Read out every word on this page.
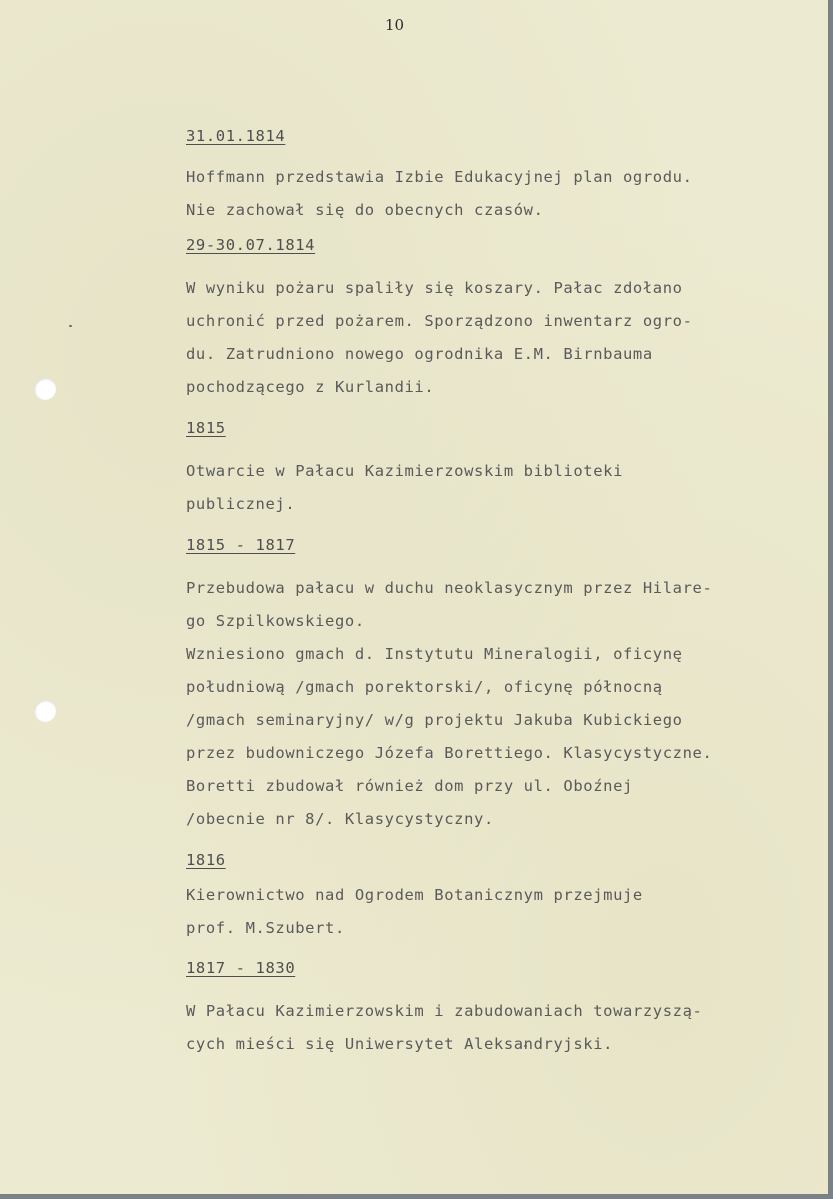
10

31.01.1814

Hoffmann przedstawia Izbie Edukacyjnej plan ogrodu.

Nie zachował się do obecnych czasów.

29-30.07.1814

W wyniku pożaru spaliły się koszary. Pałac zdołano

uchronić przed pożarem. Sporządzono inwentarz ogro-

du. Zatrudniono nowego ogrodnika E.M. Birnbauma

pochodzącego z Kurlandii.

1815

Otwarcie w Pałacu Kazimierzowskim biblioteki

publicznej.

1815 - 1817

Przebudowa pałacu w duchu neoklasycznym przez Hilare-

go Szpilkowskiego.

Wzniesiono gmach d. Instytutu Mineralogii, oficynę

południową /gmach porektorski/, oficynę północną

/gmach seminaryjny/ w/g projektu Jakuba Kubickiego

przez budowniczego Józefa Borettiego. Klasycystyczne.

Boretti zbudował również dom przy ul. Oboźnej

/obecnie nr 8/. Klasycystyczny.

1816

Kierownictwo nad Ogrodem Botanicznym przejmuje

prof. M.Szubert.

1817 - 1830

W Pałacu Kazimierzowskim i zabudowaniach towarzyszą-

cych mieści się Uniwersytet Aleksandryjski.
